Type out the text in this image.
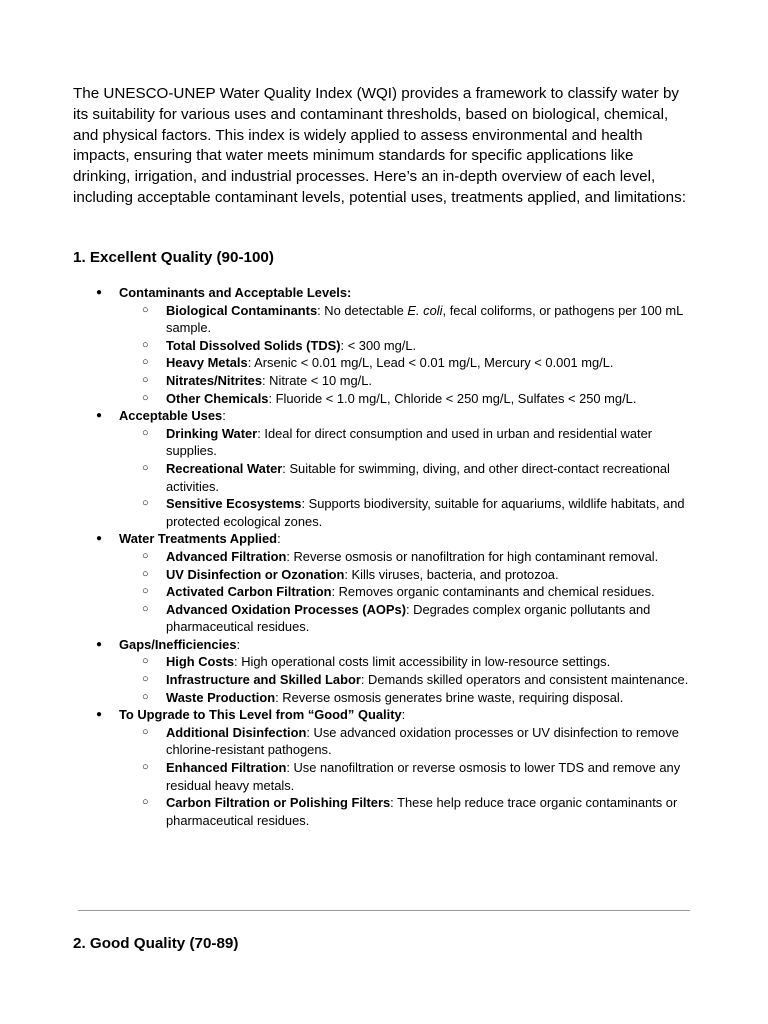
The UNESCO-UNEP Water Quality Index (WQI) provides a framework to classify water by its suitability for various uses and contaminant thresholds, based on biological, chemical, and physical factors. This index is widely applied to assess environmental and health impacts, ensuring that water meets minimum standards for specific applications like drinking, irrigation, and industrial processes. Here’s an in-depth overview of each level, including acceptable contaminant levels, potential uses, treatments applied, and limitations:

1. Excellent Quality (90-100)
● Contaminants and Acceptable Levels:
○ Biological Contaminants: No detectable E. coli, fecal coliforms, or pathogens per 100 mL sample.
○ Total Dissolved Solids (TDS): < 300 mg/L.
○ Heavy Metals: Arsenic < 0.01 mg/L, Lead < 0.01 mg/L, Mercury < 0.001 mg/L.
○ Nitrates/Nitrites: Nitrate < 10 mg/L.
○ Other Chemicals: Fluoride < 1.0 mg/L, Chloride < 250 mg/L, Sulfates < 250 mg/L.
● Acceptable Uses:
○ Drinking Water: Ideal for direct consumption and used in urban and residential water supplies.
○ Recreational Water: Suitable for swimming, diving, and other direct-contact recreational activities.
○ Sensitive Ecosystems: Supports biodiversity, suitable for aquariums, wildlife habitats, and protected ecological zones.
● Water Treatments Applied:
○ Advanced Filtration: Reverse osmosis or nanofiltration for high contaminant removal.
○ UV Disinfection or Ozonation: Kills viruses, bacteria, and protozoa.
○ Activated Carbon Filtration: Removes organic contaminants and chemical residues.
○ Advanced Oxidation Processes (AOPs): Degrades complex organic pollutants and pharmaceutical residues.
● Gaps/Inefficiencies:
○ High Costs: High operational costs limit accessibility in low-resource settings.
○ Infrastructure and Skilled Labor: Demands skilled operators and consistent maintenance.
○ Waste Production: Reverse osmosis generates brine waste, requiring disposal.
● To Upgrade to This Level from “Good” Quality:
○ Additional Disinfection: Use advanced oxidation processes or UV disinfection to remove chlorine-resistant pathogens.
○ Enhanced Filtration: Use nanofiltration or reverse osmosis to lower TDS and remove any residual heavy metals.
○ Carbon Filtration or Polishing Filters: These help reduce trace organic contaminants or pharmaceutical residues.
2. Good Quality (70-89)
